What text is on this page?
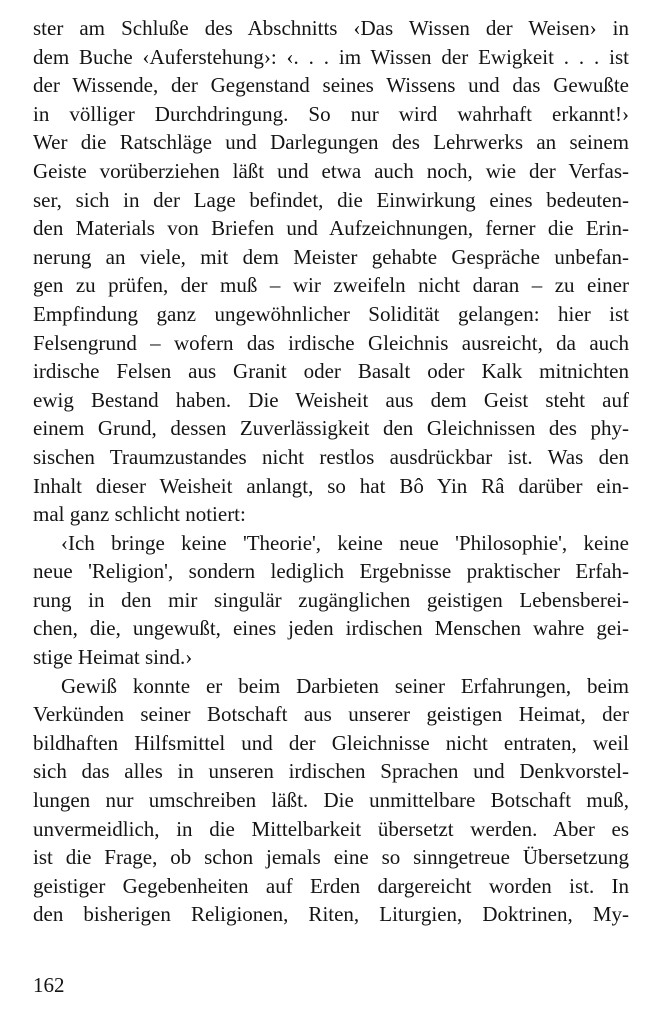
ster am Schluße des Abschnitts ‹Das Wissen der Weisen› in
dem Buche ‹Auferstehung›: ‹. . . im Wissen der Ewigkeit . . . ist
der Wissende, der Gegenstand seines Wissens und das Gewußte
in völliger Durchdringung. So nur wird wahrhaft erkannt!›
Wer die Ratschläge und Darlegungen des Lehrwerks an seinem
Geiste vorüberziehen läßt und etwa auch noch, wie der Verfas-
ser, sich in der Lage befindet, die Einwirkung eines bedeuten-
den Materials von Briefen und Aufzeichnungen, ferner die Erin-
nerung an viele, mit dem Meister gehabte Gespräche unbefan-
gen zu prüfen, der muß – wir zweifeln nicht daran – zu einer
Empfindung ganz ungewöhnlicher Solidität gelangen: hier ist
Felsengrund – wofern das irdische Gleichnis ausreicht, da auch
irdische Felsen aus Granit oder Basalt oder Kalk mitnichten
ewig Bestand haben. Die Weisheit aus dem Geist steht auf
einem Grund, dessen Zuverlässigkeit den Gleichnissen des phy-
sischen Traumzustandes nicht restlos ausdrückbar ist. Was den
Inhalt dieser Weisheit anlangt, so hat Bô Yin Râ darüber ein-
mal ganz schlicht notiert:
‹Ich bringe keine 'Theorie', keine neue 'Philosophie', keine
neue 'Religion', sondern lediglich Ergebnisse praktischer Erfah-
rung in den mir singulär zugänglichen geistigen Lebensberei-
chen, die, ungewußt, eines jeden irdischen Menschen wahre gei-
stige Heimat sind.›
Gewiß konnte er beim Darbieten seiner Erfahrungen, beim
Verkünden seiner Botschaft aus unserer geistigen Heimat, der
bildhaften Hilfsmittel und der Gleichnisse nicht entraten, weil
sich das alles in unseren irdischen Sprachen und Denkvorstel-
lungen nur umschreiben läßt. Die unmittelbare Botschaft muß,
unvermeidlich, in die Mittelbarkeit übersetzt werden. Aber es
ist die Frage, ob schon jemals eine so sinngetreue Übersetzung
geistiger Gegebenheiten auf Erden dargereicht worden ist. In
den bisherigen Religionen, Riten, Liturgien, Doktrinen, My-
162
